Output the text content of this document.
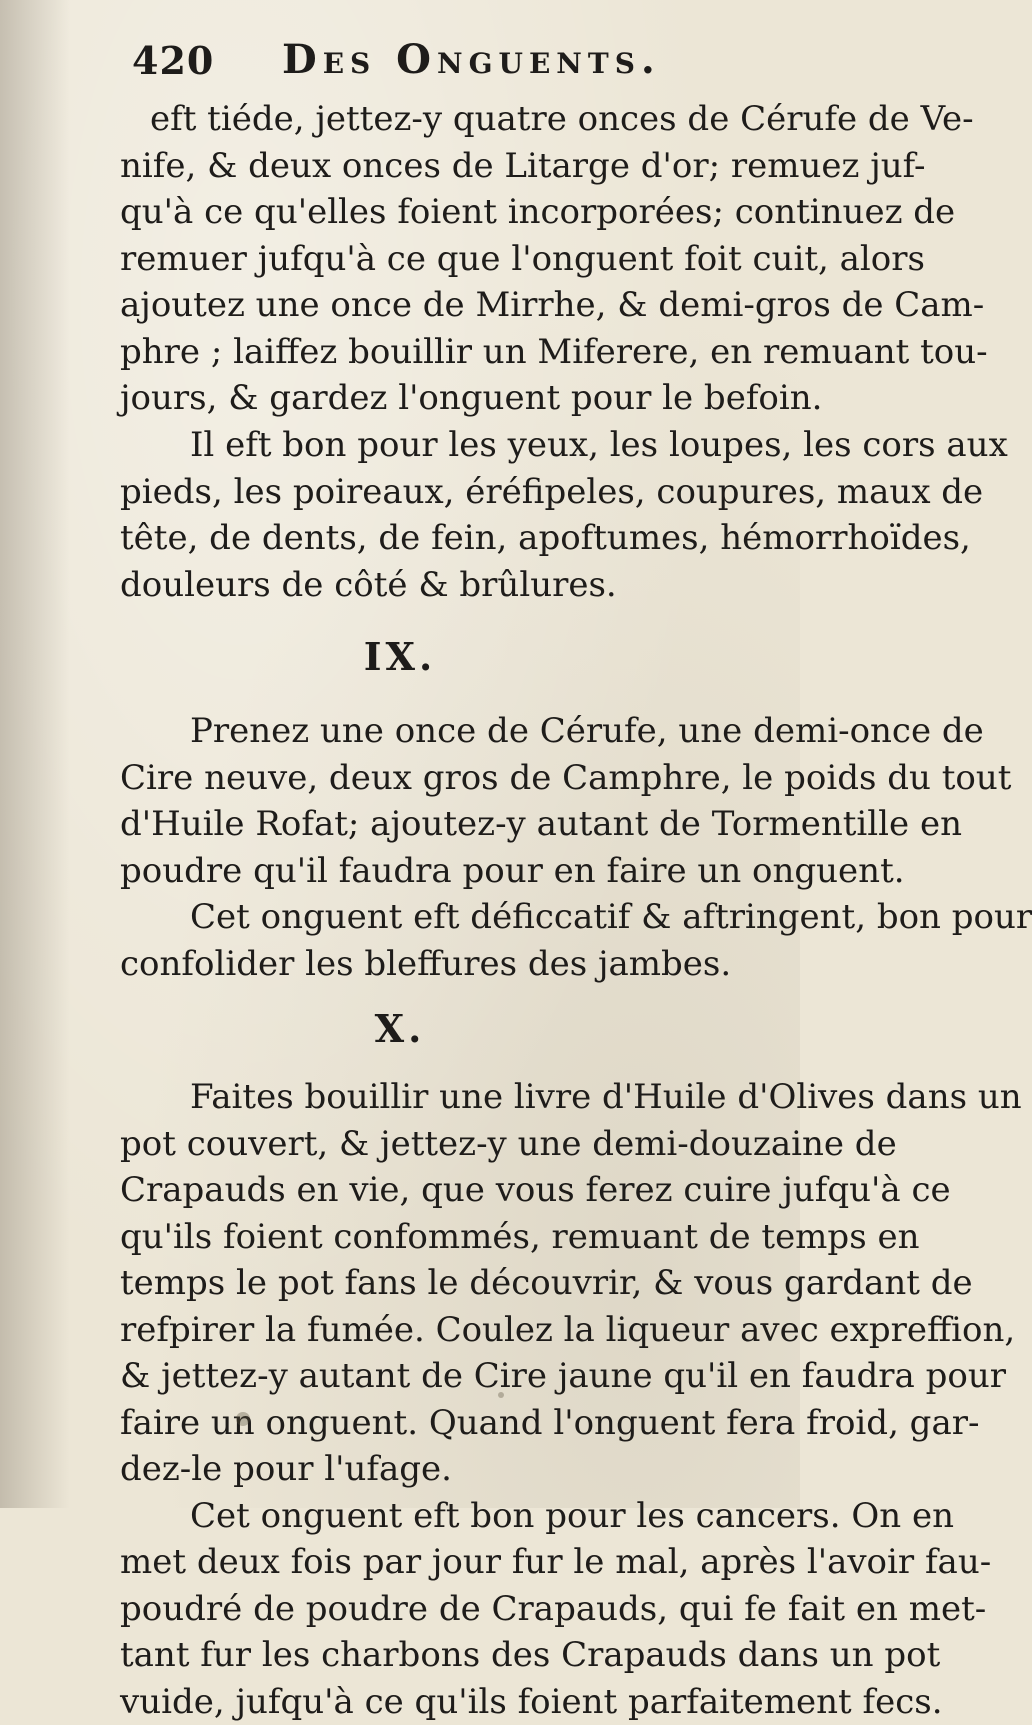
420 Des Onguents.

eft tiéde, jettez-y quatre onces de Cérufe de Ve-

nife, & deux onces de Litarge d'or; remuez juf-

qu'à ce qu'elles foient incorporées; continuez de

remuer jufqu'à ce que l'onguent foit cuit, alors

ajoutez une once de Mirrhe, & demi-gros de Cam-

phre ; laiffez bouillir un Miferere, en remuant tou-

jours, & gardez l'onguent pour le befoin.

Il eft bon pour les yeux, les loupes, les cors aux

pieds, les poireaux, éréfipeles, coupures, maux de

tête, de dents, de fein, apoftumes, hémorrhoïdes,

douleurs de côté & brûlures.

IX.

Prenez une once de Cérufe, une demi-once de

Cire neuve, deux gros de Camphre, le poids du tout

d'Huile Rofat; ajoutez-y autant de Tormentille en

poudre qu'il faudra pour en faire un onguent.

Cet onguent eft déficcatif & aftringent, bon pour

confolider les bleffures des jambes.

X.

Faites bouillir une livre d'Huile d'Olives dans un

pot couvert, & jettez-y une demi-douzaine de

Crapauds en vie, que vous ferez cuire jufqu'à ce

qu'ils foient confommés, remuant de temps en

temps le pot fans le découvrir, & vous gardant de

refpirer la fumée. Coulez la liqueur avec expreffion,

& jettez-y autant de Cire jaune qu'il en faudra pour

faire un onguent. Quand l'onguent fera froid, gar-

dez-le pour l'ufage.

Cet onguent eft bon pour les cancers. On en

met deux fois par jour fur le mal, après l'avoir fau-

poudré de poudre de Crapauds, qui fe fait en met-

tant fur les charbons des Crapauds dans un pot

vuide, jufqu'à ce qu'ils foient parfaitement fecs.
